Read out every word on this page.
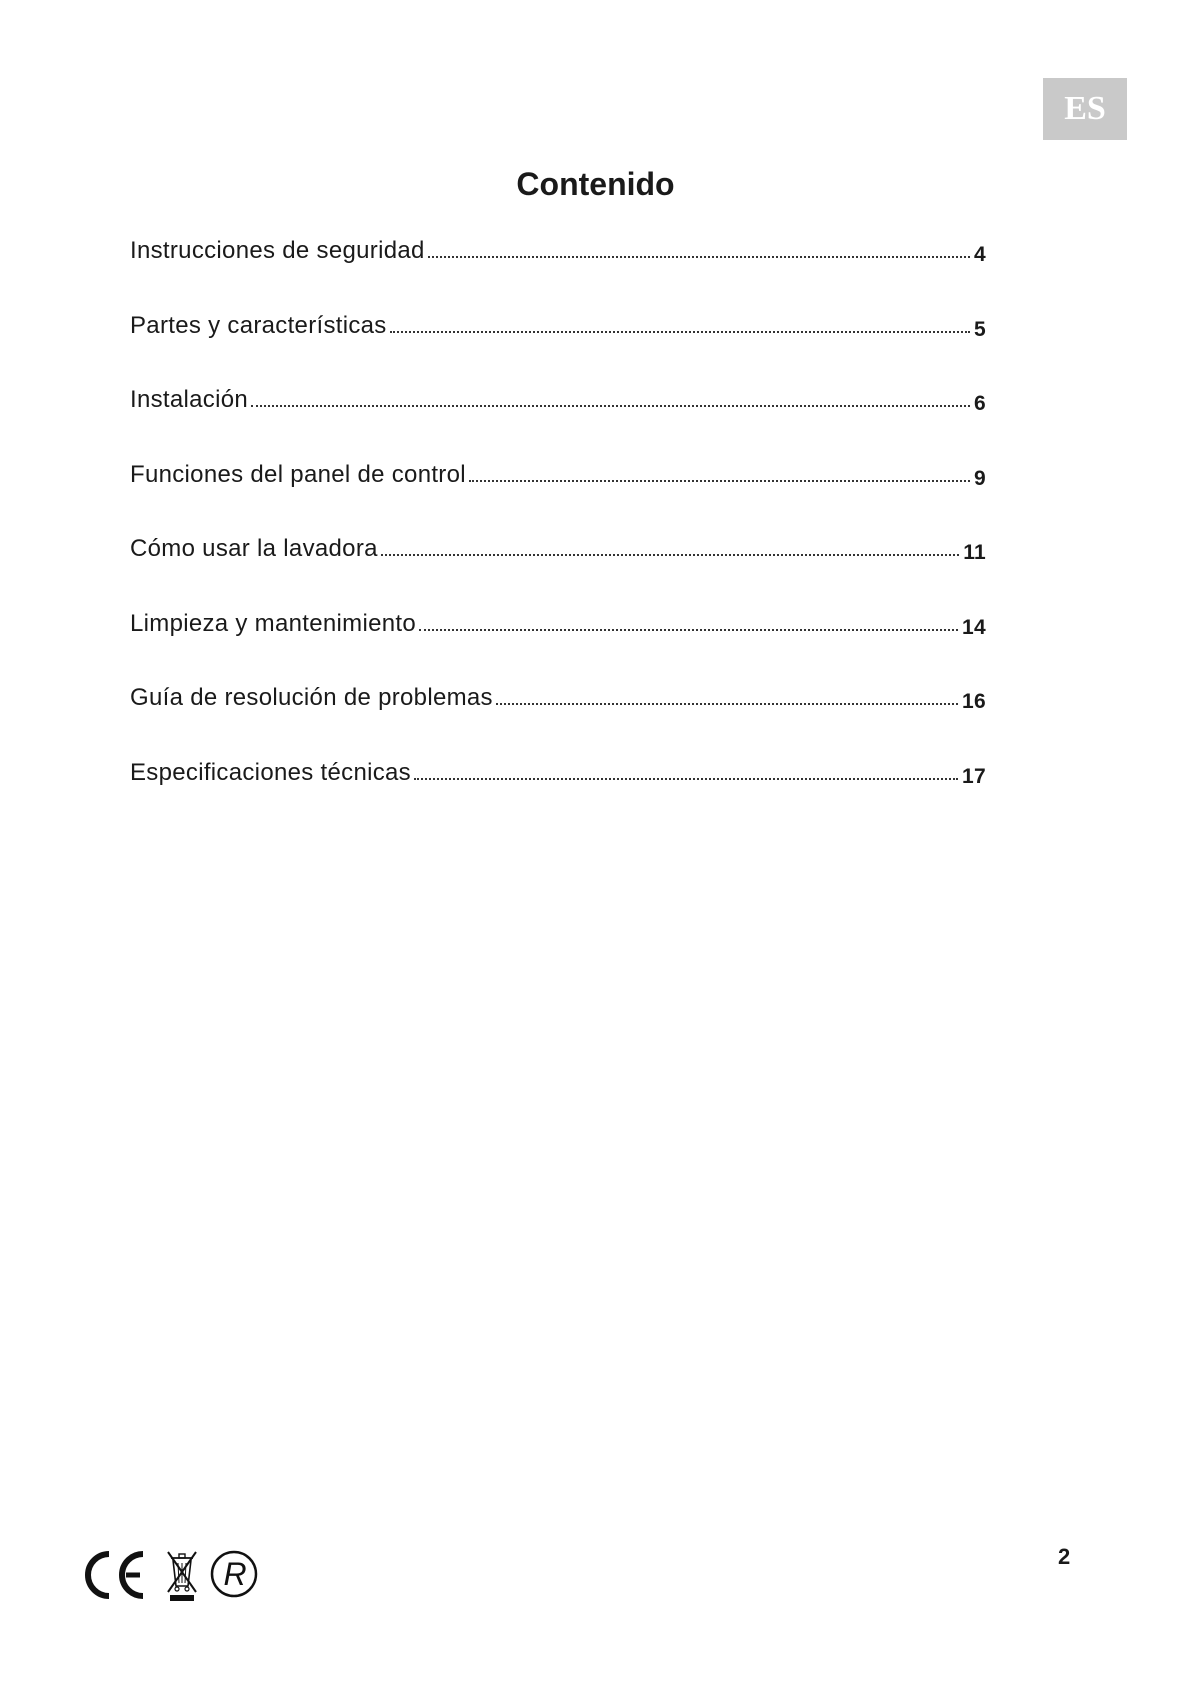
ES
Contenido
Instrucciones de seguridad	4
Partes y características	5
Instalación	6
Funciones del panel de control	9
Cómo usar la lavadora	11
Limpieza y mantenimiento	14
Guía de resolución de problemas	16
Especificaciones técnicas	17
R	2
